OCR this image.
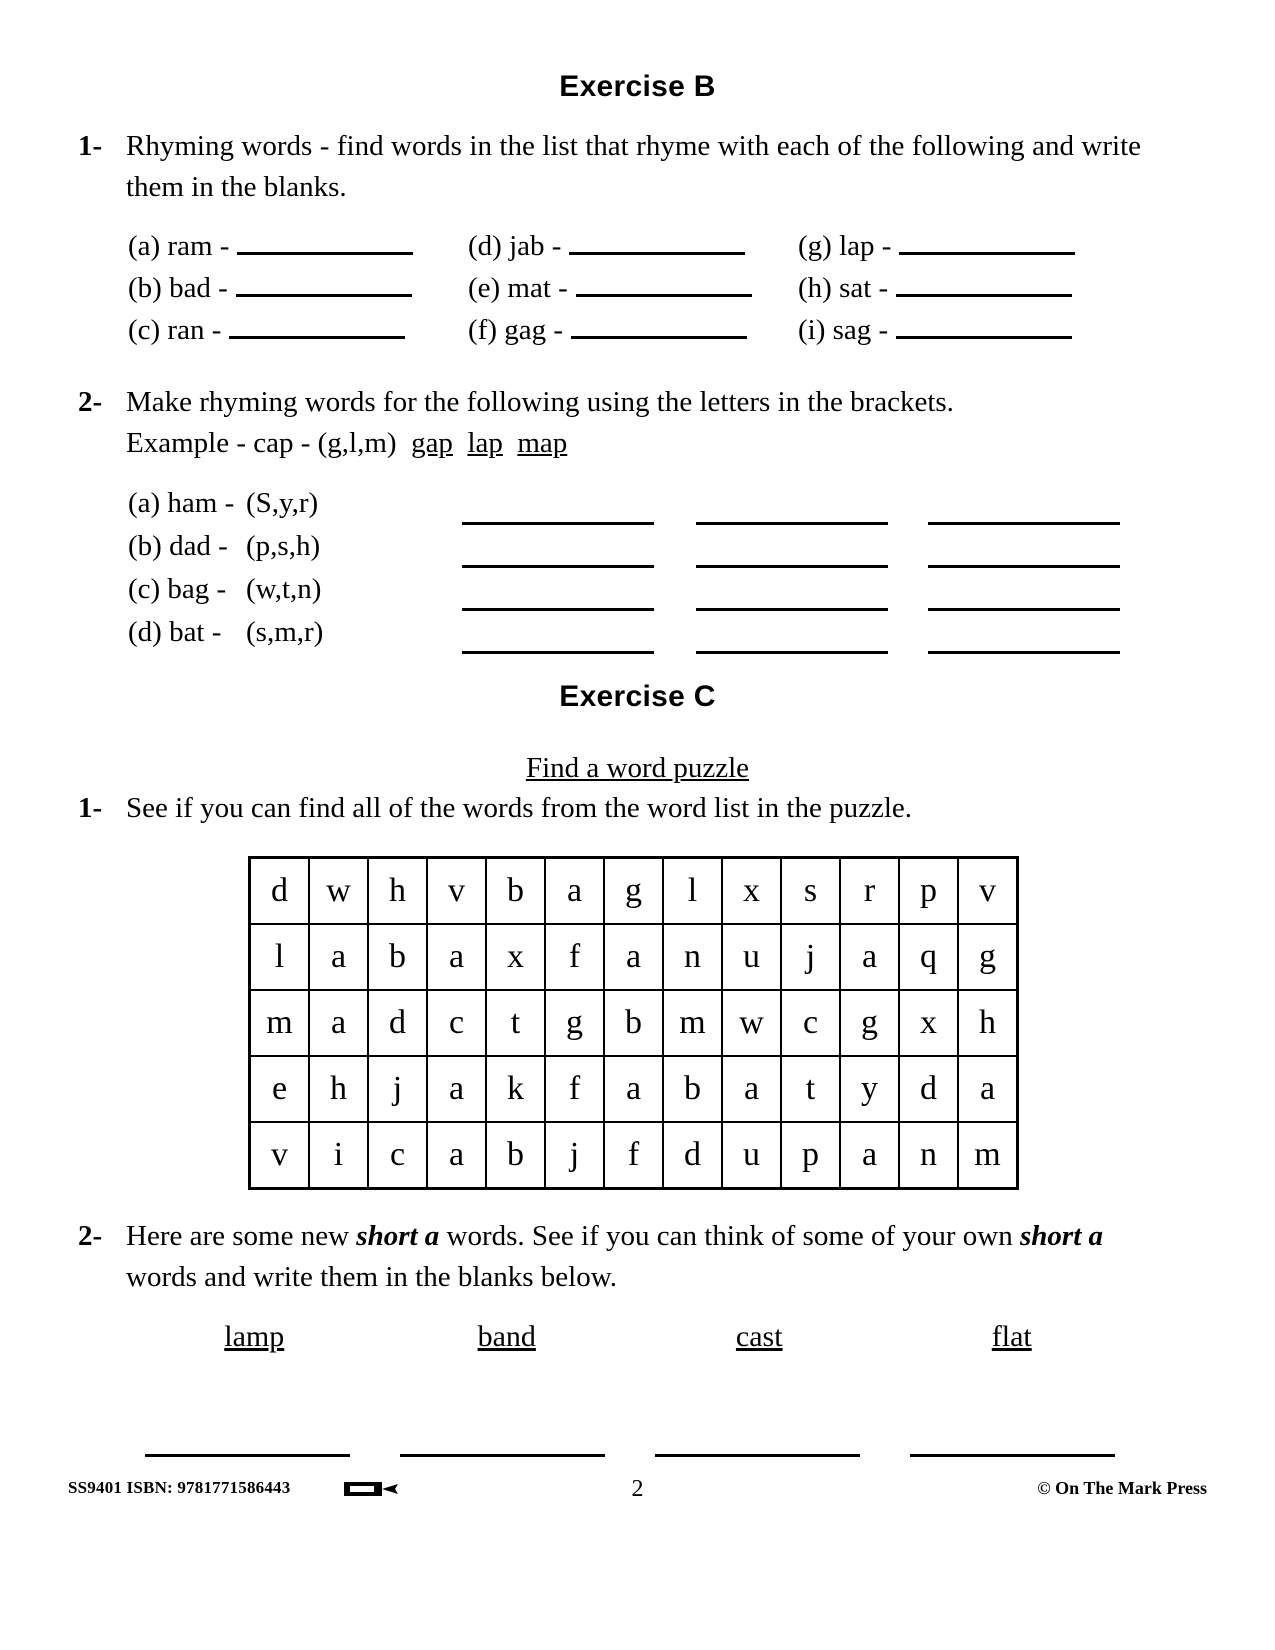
Exercise B
1- Rhyming words - find words in the list that rhyme with each of the following and write them in the blanks.
(a) ram -	(d) jab -	(g) lap -
(b) bad -	(e) mat -	(h) sat -
(c) ran -	(f) gag -	(i) sag -
2- Make rhyming words for the following using the letters in the brackets.
Example - cap - (g,l,m) gap lap map
(a) ham - (S,y,r)
(b) dad - (p,s,h)
(c) bag - (w,t,n)
(d) bat - (s,m,r)
Exercise C
Find a word puzzle
1- See if you can find all of the words from the word list in the puzzle.
d	w	h	v	b	a	g	l	x	s	r	p	v
l	a	b	a	x	f	a	n	u	j	a	q	g
m	a	d	c	t	g	b	m	w	c	g	x	h
e	h	j	a	k	f	a	b	a	t	y	d	a
v	i	c	a	b	j	f	d	u	p	a	n	m
2- Here are some new short a words. See if you can think of some of your own short a words and write them in the blanks below.
lamp	band	cast	flat
SS9401 ISBN: 9781771586443	2	© On The Mark Press
